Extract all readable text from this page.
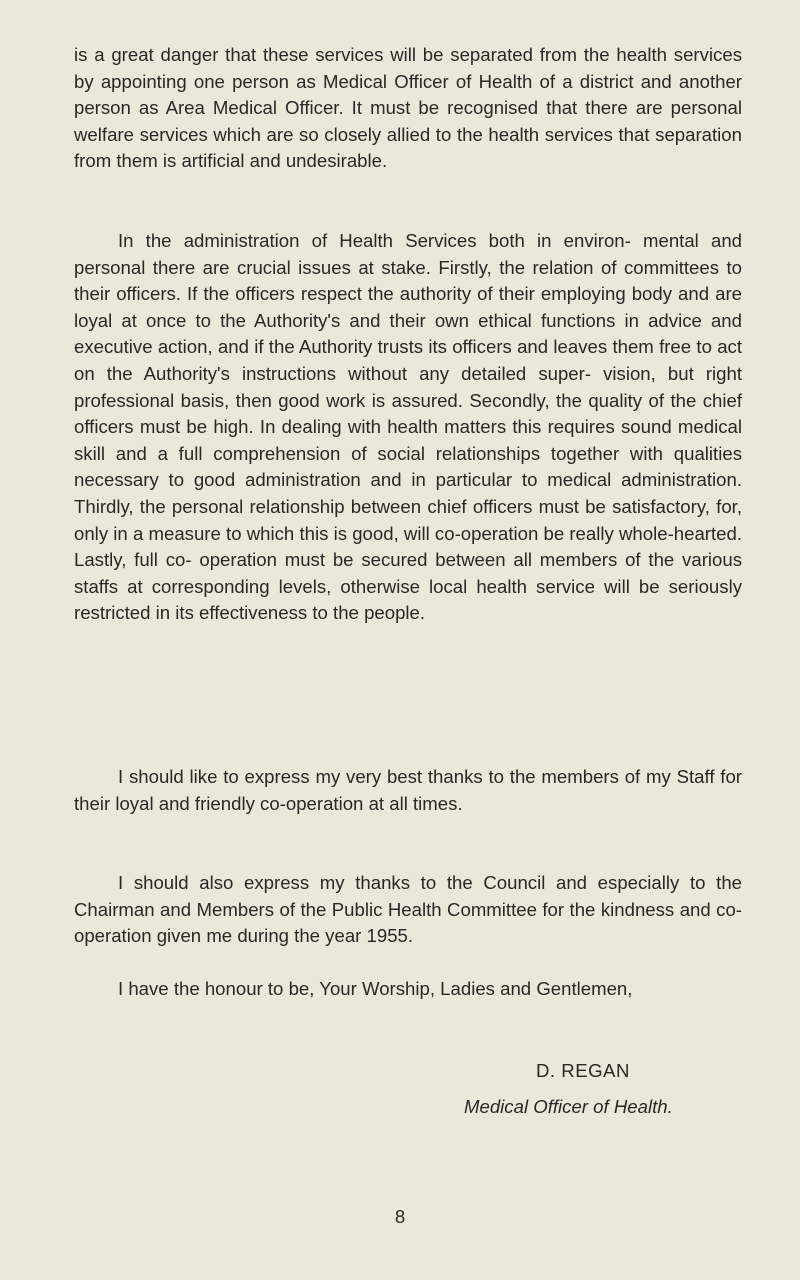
is a great danger that these services will be separated from the health services by appointing one person as Medical Officer of Health of a district and another person as Area Medical Officer. It must be recognised that there are personal welfare services which are so closely allied to the health services that separation from them is artificial and undesirable.

In the administration of Health Services both in environ- mental and personal there are crucial issues at stake. Firstly, the relation of committees to their officers. If the officers respect the authority of their employing body and are loyal at once to the Authority's and their own ethical functions in advice and executive action, and if the Authority trusts its officers and leaves them free to act on the Authority's instructions without any detailed super- vision, but right professional basis, then good work is assured. Secondly, the quality of the chief officers must be high. In dealing with health matters this requires sound medical skill and a full comprehension of social relationships together with qualities necessary to good administration and in particular to medical administration. Thirdly, the personal relationship between chief officers must be satisfactory, for, only in a measure to which this is good, will co-operation be really whole-hearted. Lastly, full co- operation must be secured between all members of the various staffs at corresponding levels, otherwise local health service will be seriously restricted in its effectiveness to the people.

I should like to express my very best thanks to the members of my Staff for their loyal and friendly co-operation at all times.

I should also express my thanks to the Council and especially to the Chairman and Members of the Public Health Committee for the kindness and co-operation given me during the year 1955.

I have the honour to be, Your Worship, Ladies and Gentlemen,

D. REGAN

Medical Officer of Health.

8
